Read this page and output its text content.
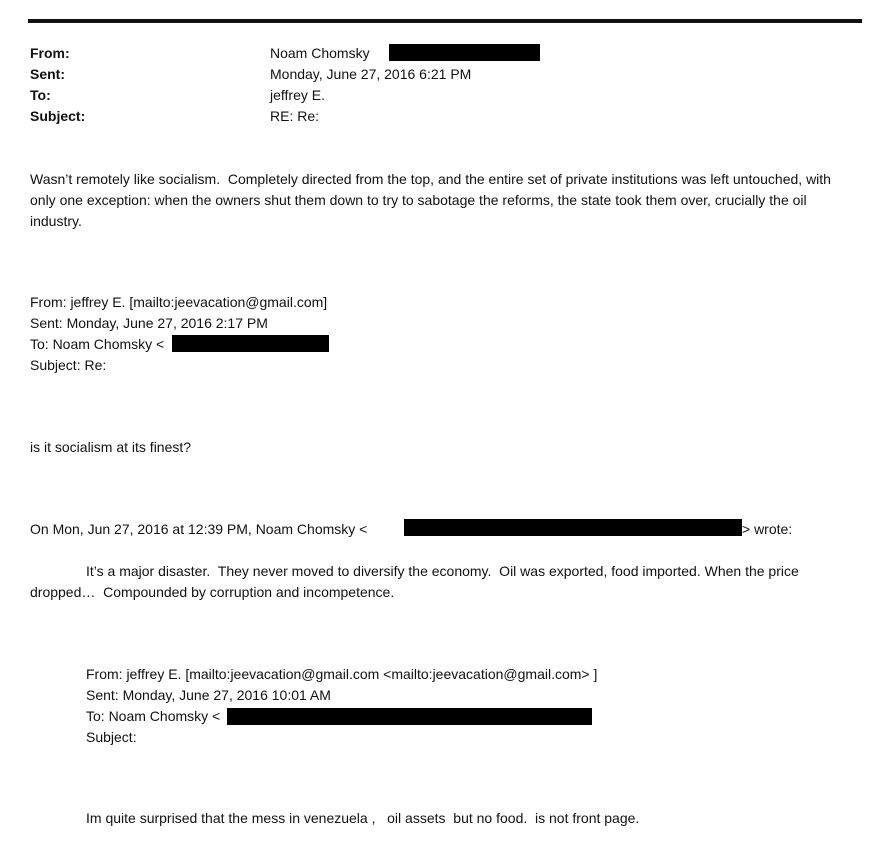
From:	Noam Chomsky
Sent:	Monday, June 27, 2016 6:21 PM
To:	jeffrey E.
Subject:	RE: Re:
Wasn’t remotely like socialism.  Completely directed from the top, and the entire set of private institutions was left untouched, with only one exception: when the owners shut them down to try to sabotage the reforms, the state took them over, crucially the oil industry.
From: jeffrey E. [mailto:jeevacation@gmail.com]
Sent: Monday, June 27, 2016 2:17 PM
To: Noam Chomsky <
Subject: Re:
is it socialism at its finest?
On Mon, Jun 27, 2016 at 12:39 PM, Noam Chomsky <	> wrote:
It’s a major disaster.  They never moved to diversify the economy.  Oil was exported, food imported. When the price dropped…  Compounded by corruption and incompetence.
From: jeffrey E. [mailto:jeevacation@gmail.com <mailto:jeevacation@gmail.com> ]
Sent: Monday, June 27, 2016 10:01 AM
To: Noam Chomsky <
Subject:
Im quite surprised that the mess in venezuela ,   oil assets  but no food.  is not front page.
